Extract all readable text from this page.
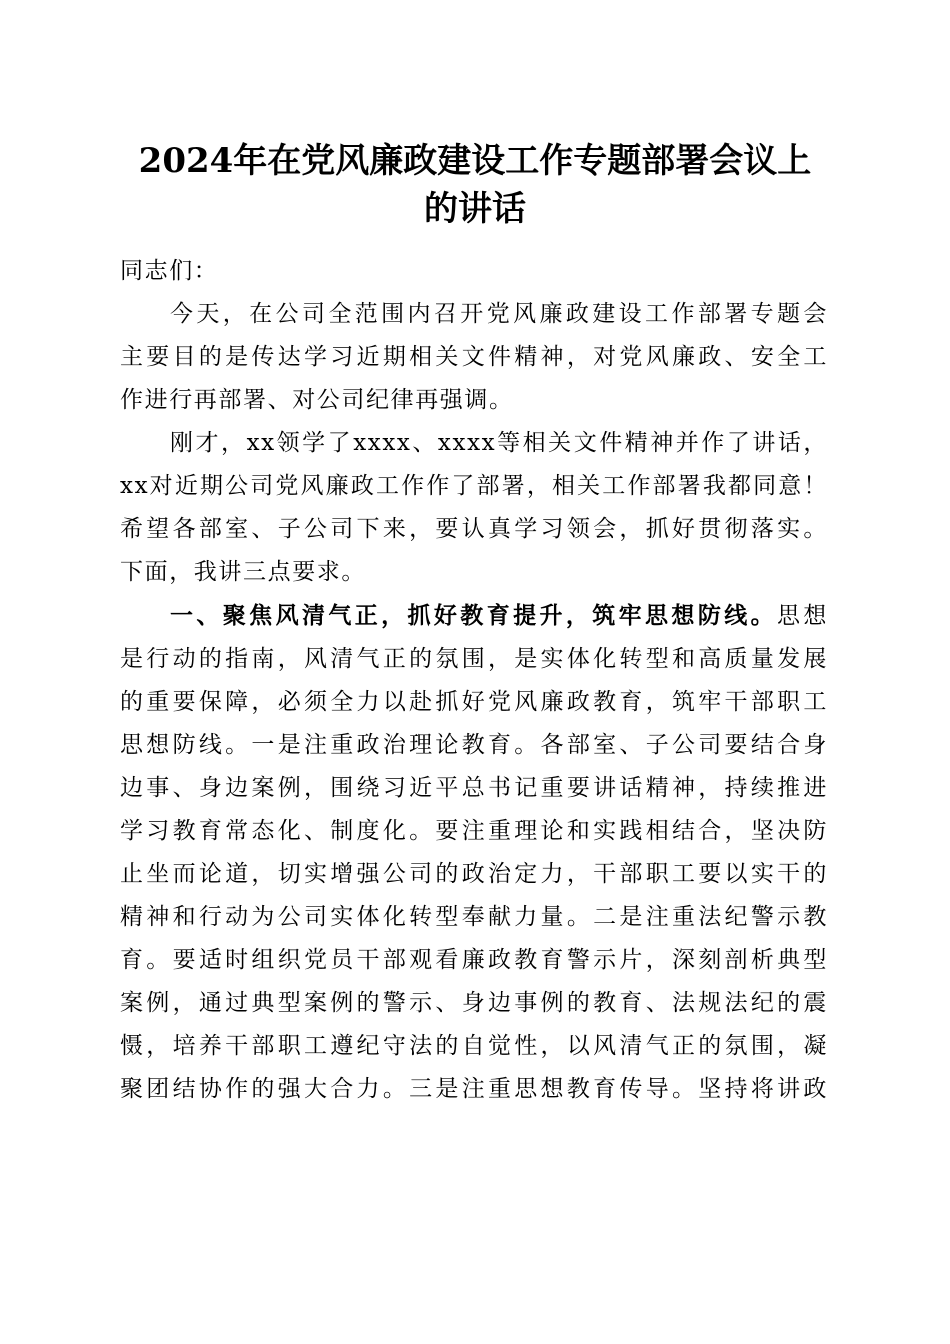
2024年在党风廉政建设工作专题部署会议上
的讲话
同志们：
今天，在公司全范围内召开党风廉政建设工作部署专题会
主要目的是传达学习近期相关文件精神，对党风廉政、安全工
作进行再部署、对公司纪律再强调。
刚才，xx领学了xxxx、xxxx等相关文件精神并作了讲话，
xx对近期公司党风廉政工作作了部署，相关工作部署我都同意！
希望各部室、子公司下来，要认真学习领会，抓好贯彻落实。
下面，我讲三点要求。
一、聚焦风清气正，抓好教育提升，筑牢思想防线。思想
是行动的指南，风清气正的氛围，是实体化转型和高质量发展
的重要保障，必须全力以赴抓好党风廉政教育，筑牢干部职工
思想防线。一是注重政治理论教育。各部室、子公司要结合身
边事、身边案例，围绕习近平总书记重要讲话精神，持续推进
学习教育常态化、制度化。要注重理论和实践相结合，坚决防
止坐而论道，切实增强公司的政治定力，干部职工要以实干的
精神和行动为公司实体化转型奉献力量。二是注重法纪警示教
育。要适时组织党员干部观看廉政教育警示片，深刻剖析典型
案例，通过典型案例的警示、身边事例的教育、法规法纪的震
慑，培养干部职工遵纪守法的自觉性，以风清气正的氛围，凝
聚团结协作的强大合力。三是注重思想教育传导。坚持将讲政
